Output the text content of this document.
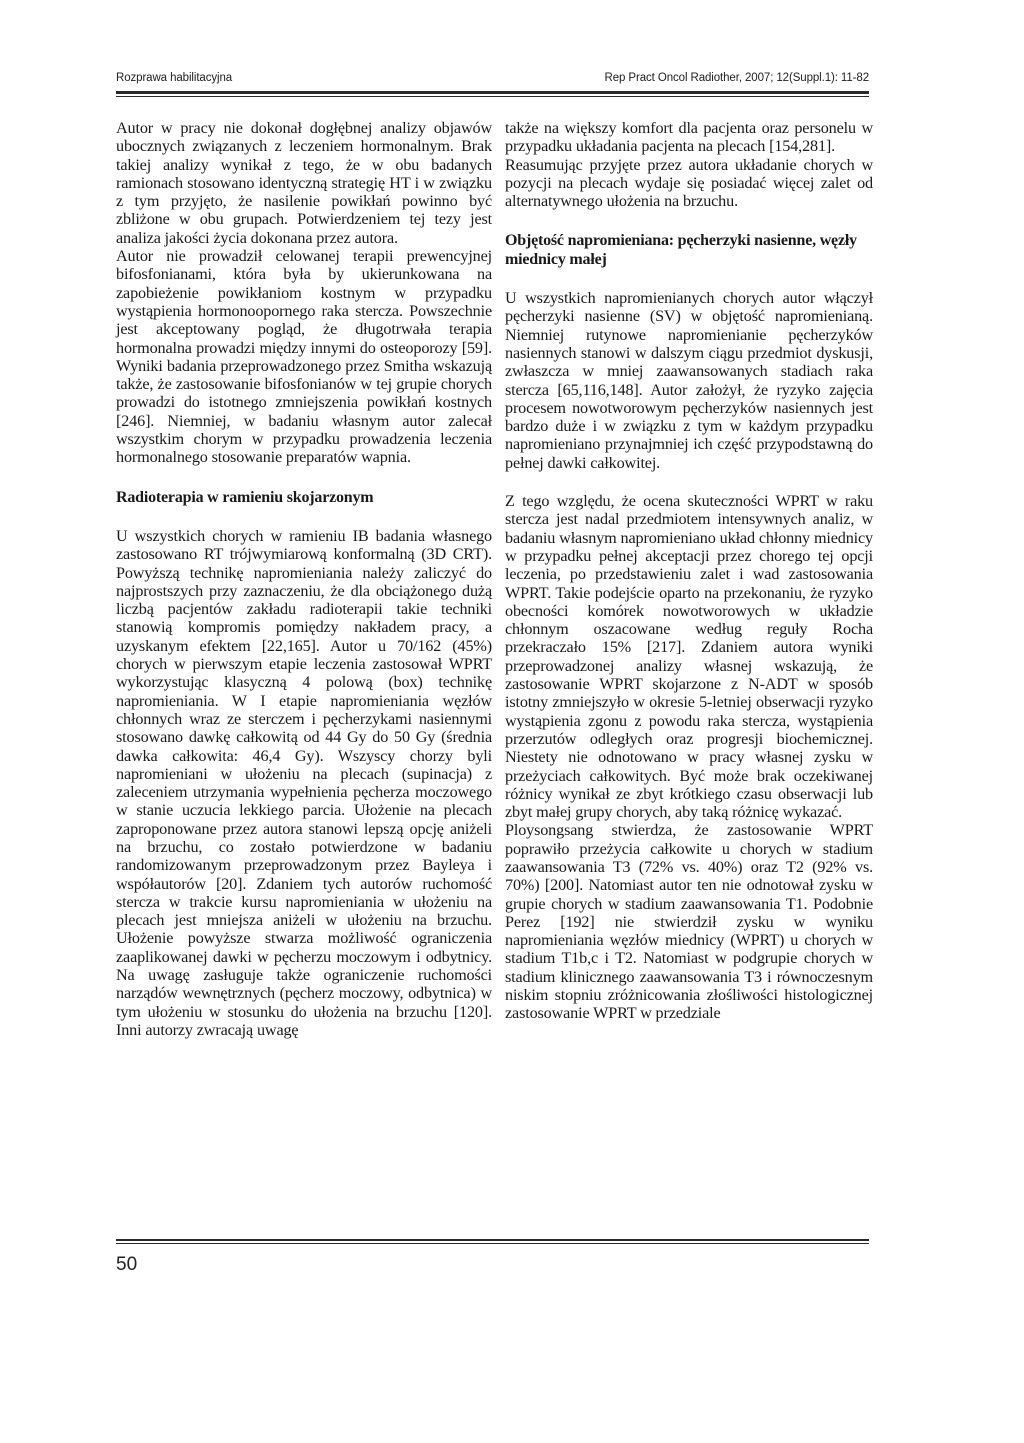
Rozprawa habilitacyjna	Rep Pract Oncol Radiother, 2007; 12(Suppl.1): 11-82

Autor w pracy nie dokonał dogłębnej analizy objawów ubocznych związanych z leczeniem hormonalnym. Brak takiej analizy wynikał z tego, że w obu badanych ramionach stosowano identyczną strategię HT i w związku z tym przyjęto, że nasilenie powikłań powinno być zbliżone w obu grupach. Potwierdzeniem tej tezy jest analiza jakości życia dokonana przez autora.

Autor nie prowadził celowanej terapii prewencyjnej bifosfonianami, która była by ukierunkowana na zapobieżenie powikłaniom kostnym w przypadku wystąpienia hormonoopornego raka stercza. Powszechnie jest akceptowany pogląd, że długotrwała terapia hormonalna prowadzi między innymi do osteoporozy [59]. Wyniki badania przeprowadzonego przez Smitha wskazują także, że zastosowanie bifosfonianów w tej grupie chorych prowadzi do istotnego zmniejszenia powikłań kostnych [246]. Niemniej, w badaniu własnym autor zalecał wszystkim chorym w przypadku prowadzenia leczenia hormonalnego stosowanie preparatów wapnia.

Radioterapia w ramieniu skojarzonym

U wszystkich chorych w ramieniu IB badania własnego zastosowano RT trójwymiarową konformalną (3D CRT). Powyższą technikę napromieniania należy zaliczyć do najprostszych przy zaznaczeniu, że dla obciążonego dużą liczbą pacjentów zakładu radioterapii takie techniki stanowią kompromis pomiędzy nakładem pracy, a uzyskanym efektem [22,165]. Autor u 70/162 (45%) chorych w pierwszym etapie leczenia zastosował WPRT wykorzystując klasyczną 4 polową (box) technikę napromieniania. W I etapie napromieniania węzłów chłonnych wraz ze sterczem i pęcherzykami nasiennymi stosowano dawkę całkowitą od 44 Gy do 50 Gy (średnia dawka całkowita: 46,4 Gy). Wszyscy chorzy byli napromieniani w ułożeniu na plecach (supinacja) z zaleceniem utrzymania wypełnienia pęcherza moczowego w stanie uczucia lekkiego parcia. Ułożenie na plecach zaproponowane przez autora stanowi lepszą opcję aniżeli na brzuchu, co zostało potwierdzone w badaniu randomizowanym przeprowadzonym przez Bayleya i współautorów [20]. Zdaniem tych autorów ruchomość stercza w trakcie kursu napromieniania w ułożeniu na plecach jest mniejsza aniżeli w ułożeniu na brzuchu. Ułożenie powyższe stwarza możliwość ograniczenia zaaplikowanej dawki w pęcherzu moczowym i odbytnicy. Na uwagę zasługuje także ograniczenie ruchomości narządów wewnętrznych (pęcherz moczowy, odbytnica) w tym ułożeniu w stosunku do ułożenia na brzuchu [120]. Inni autorzy zwracają uwagę

także na większy komfort dla pacjenta oraz personelu w przypadku układania pacjenta na plecach [154,281].

Reasumując przyjęte przez autora układanie chorych w pozycji na plecach wydaje się posiadać więcej zalet od alternatywnego ułożenia na brzuchu.

Objętość napromieniana: pęcherzyki nasienne, węzły miednicy małej

U wszystkich napromienianych chorych autor włączył pęcherzyki nasienne (SV) w objętość napromienianą. Niemniej rutynowe napromienianie pęcherzyków nasiennych stanowi w dalszym ciągu przedmiot dyskusji, zwłaszcza w mniej zaawansowanych stadiach raka stercza [65,116,148]. Autor założył, że ryzyko zajęcia procesem nowotworowym pęcherzyków nasiennych jest bardzo duże i w związku z tym w każdym przypadku napromieniano przynajmniej ich część przypodstawną do pełnej dawki całkowitej.

Z tego względu, że ocena skuteczności WPRT w raku stercza jest nadal przedmiotem intensywnych analiz, w badaniu własnym napromieniano układ chłonny miednicy w przypadku pełnej akceptacji przez chorego tej opcji leczenia, po przedstawieniu zalet i wad zastosowania WPRT. Takie podejście oparto na przekonaniu, że ryzyko obecności komórek nowotworowych w układzie chłonnym oszacowane według reguły Rocha przekraczało 15% [217]. Zdaniem autora wyniki przeprowadzonej analizy własnej wskazują, że zastosowanie WPRT skojarzone z N-ADT w sposób istotny zmniejszyło w okresie 5-letniej obserwacji ryzyko wystąpienia zgonu z powodu raka stercza, wystąpienia przerzutów odległych oraz progresji biochemicznej. Niestety nie odnotowano w pracy własnej zysku w przeżyciach całkowitych. Być może brak oczekiwanej różnicy wynikał ze zbyt krótkiego czasu obserwacji lub zbyt małej grupy chorych, aby taką różnicę wykazać.

Ploysongsang stwierdza, że zastosowanie WPRT poprawiło przeżycia całkowite u chorych w stadium zaawansowania T3 (72% vs. 40%) oraz T2 (92% vs. 70%) [200]. Natomiast autor ten nie odnotował zysku w grupie chorych w stadium zaawansowania T1. Podobnie Perez [192] nie stwierdził zysku w wyniku napromieniania węzłów miednicy (WPRT) u chorych w stadium T1b,c i T2. Natomiast w podgrupie chorych w stadium klinicznego zaawansowania T3 i równoczesnym niskim stopniu zróżnicowania złośliwości histologicznej zastosowanie WPRT w przedziale

50
